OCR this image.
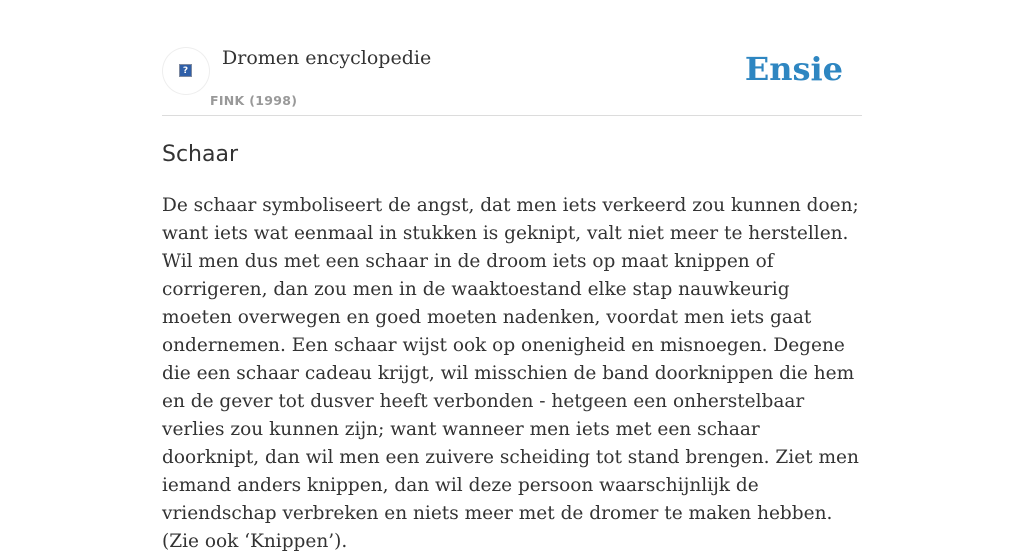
?
Dromen encyclopedie
FINK (1998)
Ensie
Schaar

De schaar symboliseert de angst, dat men iets verkeerd zou kunnen doen; want iets wat eenmaal in stukken is geknipt, valt niet meer te herstellen. Wil men dus met een schaar in de droom iets op maat knippen of corrigeren, dan zou men in de waaktoestand elke stap nauwkeurig moeten overwegen en goed moeten nadenken, voordat men iets gaat ondernemen. Een schaar wijst ook op onenigheid en misnoegen. Degene die een schaar cadeau krijgt, wil misschien de band doorknippen die hem en de gever tot dusver heeft verbonden - hetgeen een onherstelbaar verlies zou kunnen zijn; want wanneer men iets met een schaar doorknipt, dan wil men een zuivere scheiding tot stand brengen. Ziet men iemand anders knippen, dan wil deze persoon waarschijnlijk de vriendschap verbreken en niets meer met de dromer te maken hebben. (Zie ook ‘Knippen’).
